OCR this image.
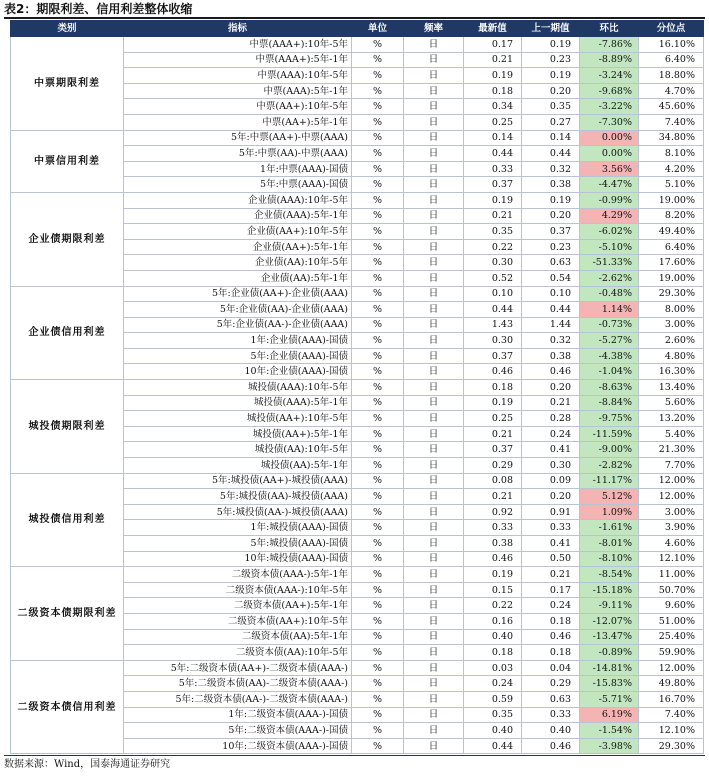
表2：期限利差、信用利差整体收缩
类别	指标	单位	频率	最新值	上一期值	环比	分位点
中票期限利差	中票(AAA+):10年-5年	%	日	0.17	0.19	-7.86%	16.10%
	中票(AAA+):5年-1年	%	日	0.21	0.23	-8.89%	6.40%
	中票(AAA):10年-5年	%	日	0.19	0.19	-3.24%	18.80%
	中票(AAA):5年-1年	%	日	0.18	0.20	-9.68%	4.70%
	中票(AA+):10年-5年	%	日	0.34	0.35	-3.22%	45.60%
	中票(AA+):5年-1年	%	日	0.25	0.27	-7.30%	7.40%
中票信用利差	5年:中票(AA+)-中票(AAA)	%	日	0.14	0.14	0.00%	34.80%
	5年:中票(AA)-中票(AAA)	%	日	0.44	0.44	0.00%	8.10%
	1年:中票(AAA)-国债	%	日	0.33	0.32	3.56%	4.20%
	5年:中票(AAA)-国债	%	日	0.37	0.38	-4.47%	5.10%
企业债期限利差	企业债(AAA):10年-5年	%	日	0.19	0.19	-0.99%	19.00%
	企业债(AAA):5年-1年	%	日	0.21	0.20	4.29%	8.20%
	企业债(AA+):10年-5年	%	日	0.35	0.37	-6.02%	49.40%
	企业债(AA+):5年-1年	%	日	0.22	0.23	-5.10%	6.40%
	企业债(AA):10年-5年	%	日	0.30	0.63	-51.33%	17.60%
	企业债(AA):5年-1年	%	日	0.52	0.54	-2.62%	19.00%
企业债信用利差	5年:企业债(AA+)-企业债(AAA)	%	日	0.10	0.10	-0.48%	29.30%
	5年:企业债(AA)-企业债(AAA)	%	日	0.44	0.44	1.14%	8.00%
	5年:企业债(AA-)-企业债(AAA)	%	日	1.43	1.44	-0.73%	3.00%
	1年:企业债(AAA)-国债	%	日	0.30	0.32	-5.27%	2.60%
	5年:企业债(AAA)-国债	%	日	0.37	0.38	-4.38%	4.80%
	10年:企业债(AAA)-国债	%	日	0.46	0.46	-1.04%	16.30%
城投债期限利差	城投债(AAA):10年-5年	%	日	0.18	0.20	-8.63%	13.40%
	城投债(AAA):5年-1年	%	日	0.19	0.21	-8.84%	5.60%
	城投债(AA+):10年-5年	%	日	0.25	0.28	-9.75%	13.20%
	城投债(AA+):5年-1年	%	日	0.21	0.24	-11.59%	5.40%
	城投债(AA):10年-5年	%	日	0.37	0.41	-9.00%	21.30%
	城投债(AA):5年-1年	%	日	0.29	0.30	-2.82%	7.70%
城投债信用利差	5年:城投债(AA+)-城投债(AAA)	%	日	0.08	0.09	-11.17%	12.00%
	5年:城投债(AA)-城投债(AAA)	%	日	0.21	0.20	5.12%	12.00%
	5年:城投债(AA-)-城投债(AAA)	%	日	0.92	0.91	1.09%	3.00%
	1年:城投债(AAA)-国债	%	日	0.33	0.33	-1.61%	3.90%
	5年:城投债(AAA)-国债	%	日	0.38	0.41	-8.01%	4.60%
	10年:城投债(AAA)-国债	%	日	0.46	0.50	-8.10%	12.10%
二级资本债期限利差	二级资本债(AAA-):5年-1年	%	日	0.19	0.21	-8.54%	11.00%
	二级资本债(AAA-):10年-5年	%	日	0.15	0.17	-15.18%	50.70%
	二级资本债(AA+):5年-1年	%	日	0.22	0.24	-9.11%	9.60%
	二级资本债(AA+):10年-5年	%	日	0.16	0.18	-12.07%	51.00%
	二级资本债(AA):5年-1年	%	日	0.40	0.46	-13.47%	25.40%
	二级资本债(AA):10年-5年	%	日	0.18	0.18	-0.89%	59.90%
二级资本债信用利差	5年:二级资本债(AA+)-二级资本债(AAA-)	%	日	0.03	0.04	-14.81%	12.00%
	5年:二级资本债(AA)-二级资本债(AAA-)	%	日	0.24	0.29	-15.83%	49.80%
	5年:二级资本债(AA-)-二级资本债(AAA-)	%	日	0.59	0.63	-5.71%	16.70%
	1年:二级资本债(AAA-)-国债	%	日	0.35	0.33	6.19%	7.40%
	5年:二级资本债(AAA-)-国债	%	日	0.40	0.40	-1.54%	12.10%
	10年:二级资本债(AAA-)-国债	%	日	0.44	0.46	-3.98%	29.30%
数据来源：Wind，国泰海通证券研究
